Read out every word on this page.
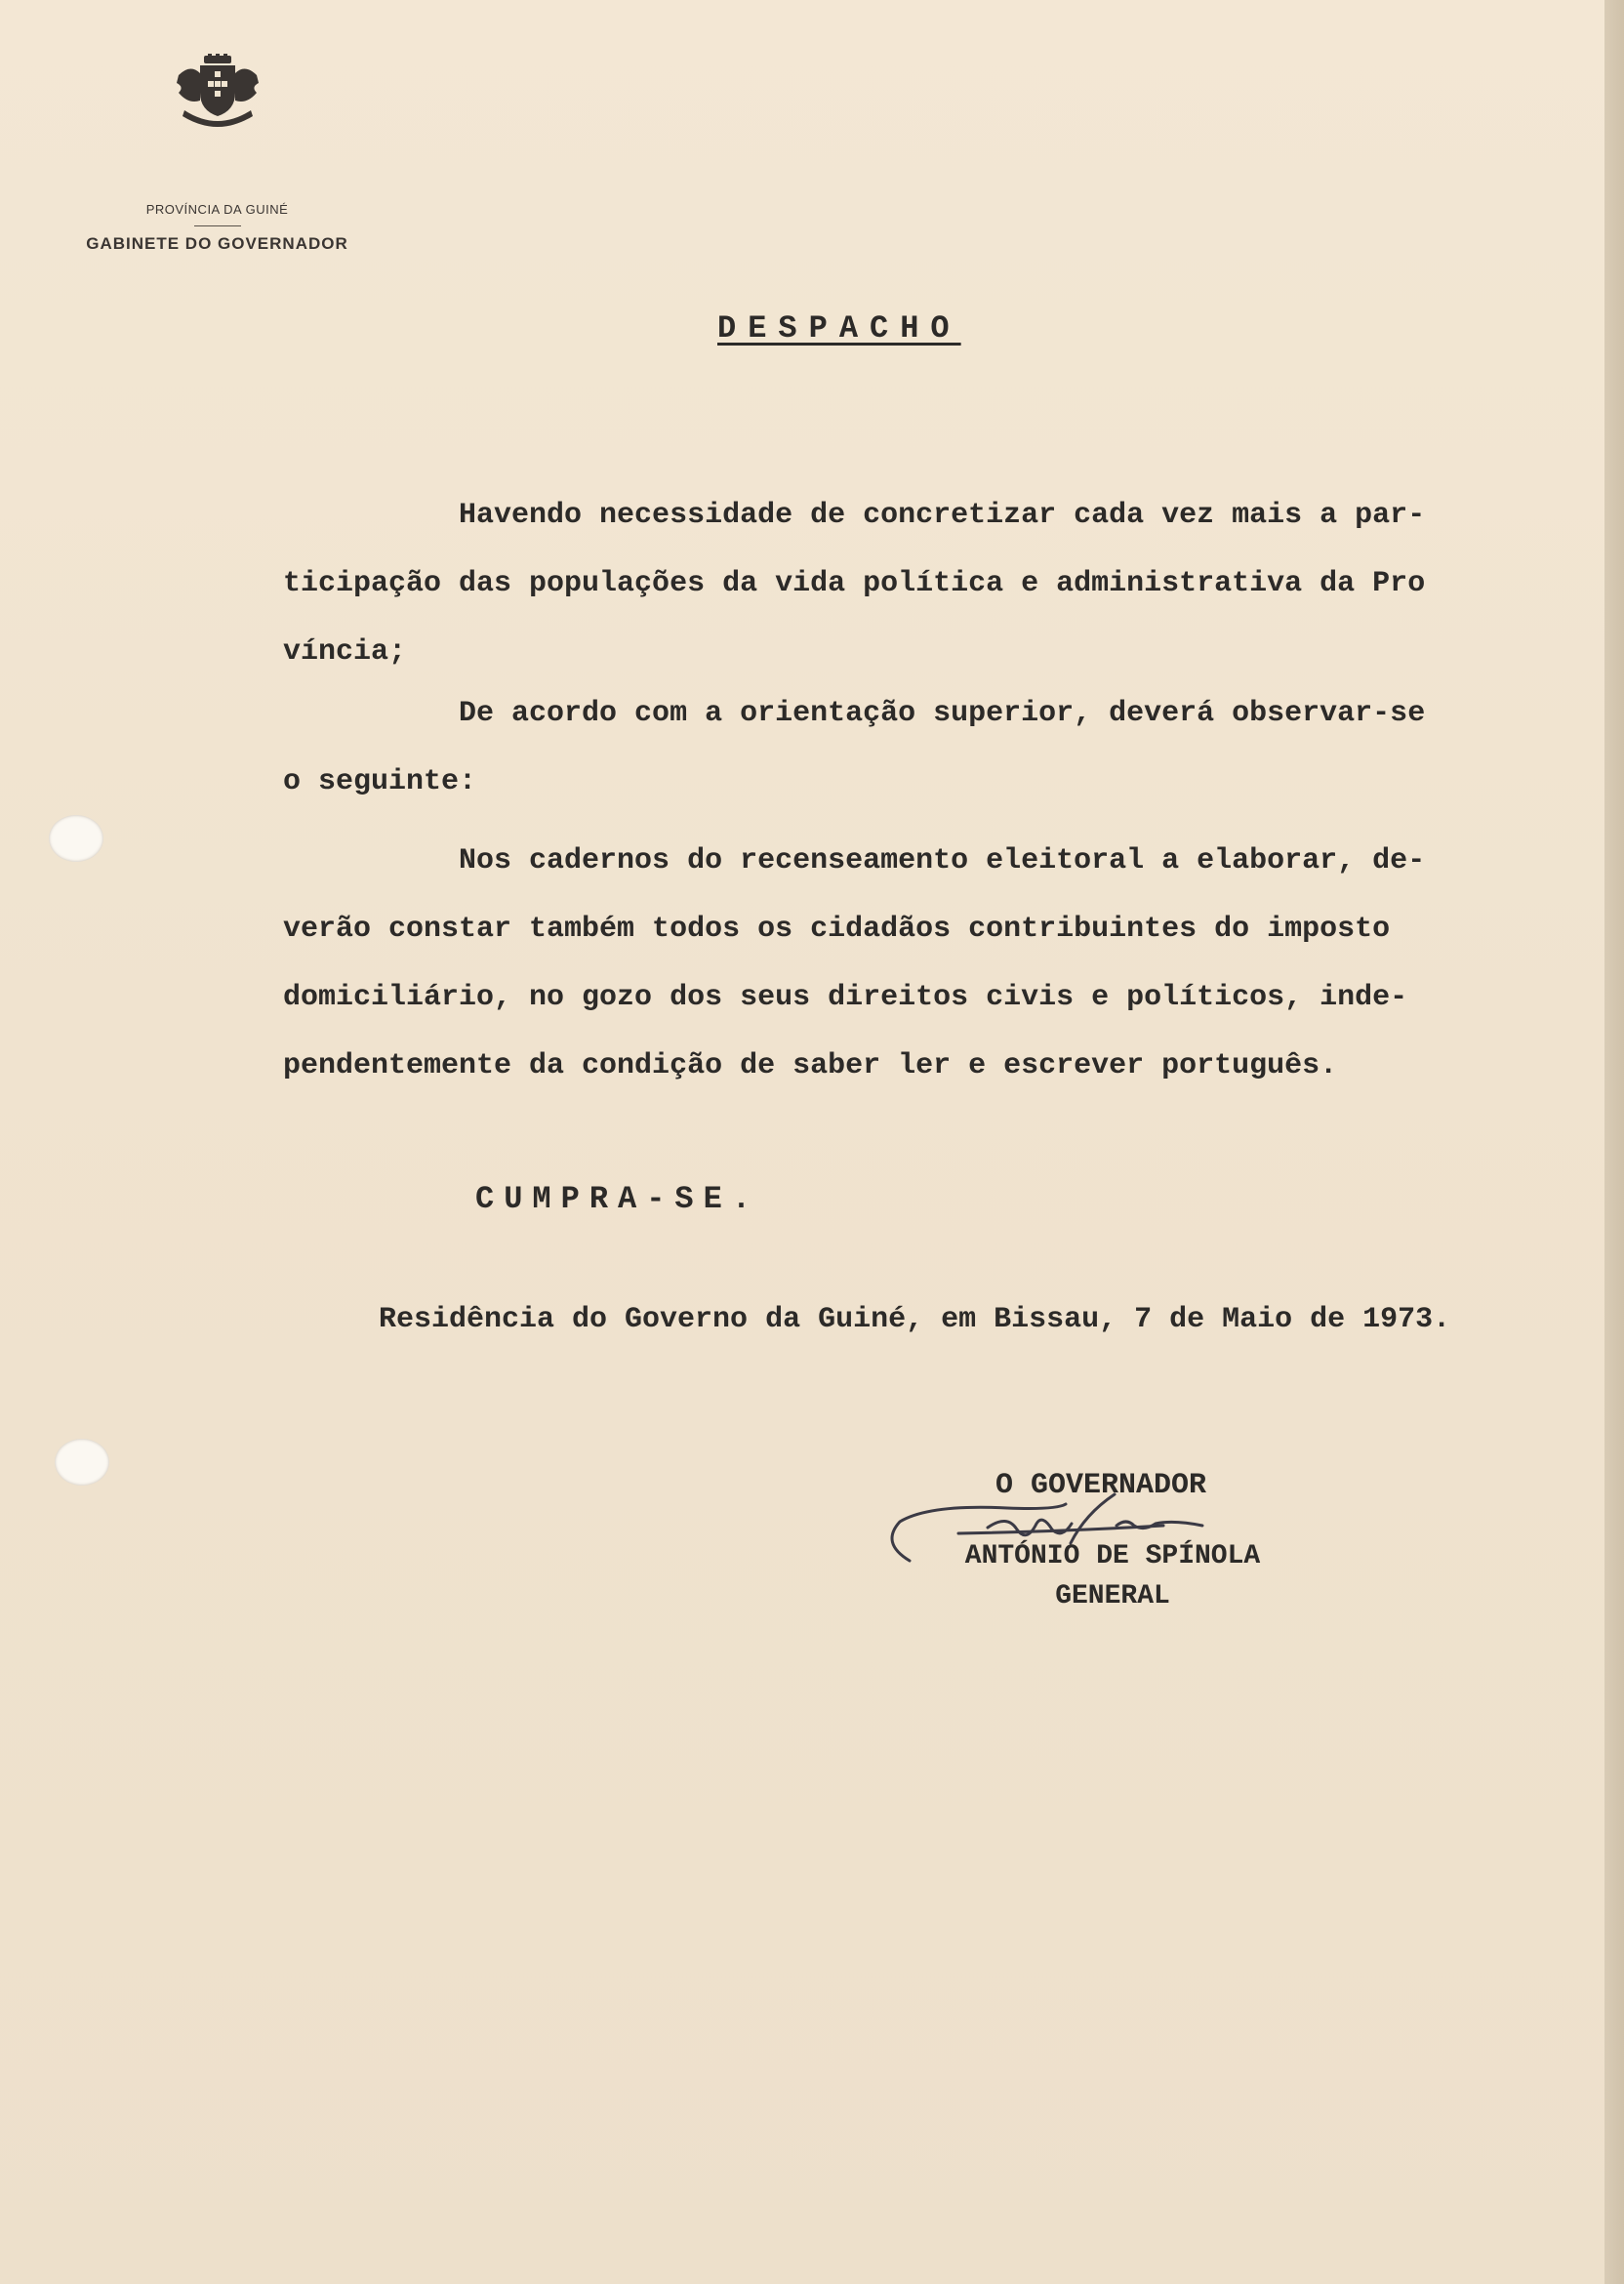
PROVÍNCIA DA GUINÉ
GABINETE DO GOVERNADOR
DESPACHO

Havendo necessidade de concretizar cada vez mais a par-
ticipação das populações da vida política e administrativa da Pro
víncia;

De acordo com a orientação superior, deverá observar-se
o seguinte:

Nos cadernos do recenseamento eleitoral a elaborar, de-
verão constar também todos os cidadãos contribuintes do imposto
domiciliário, no gozo dos seus direitos civis e políticos, inde-
pendentemente da condição de saber ler e escrever português.

CUMPRA-SE.
Residência do Governo da Guiné, em Bissau, 7 de Maio de 1973.
O GOVERNADOR
ANTÓNIO DE SPÍNOLA
GENERAL
